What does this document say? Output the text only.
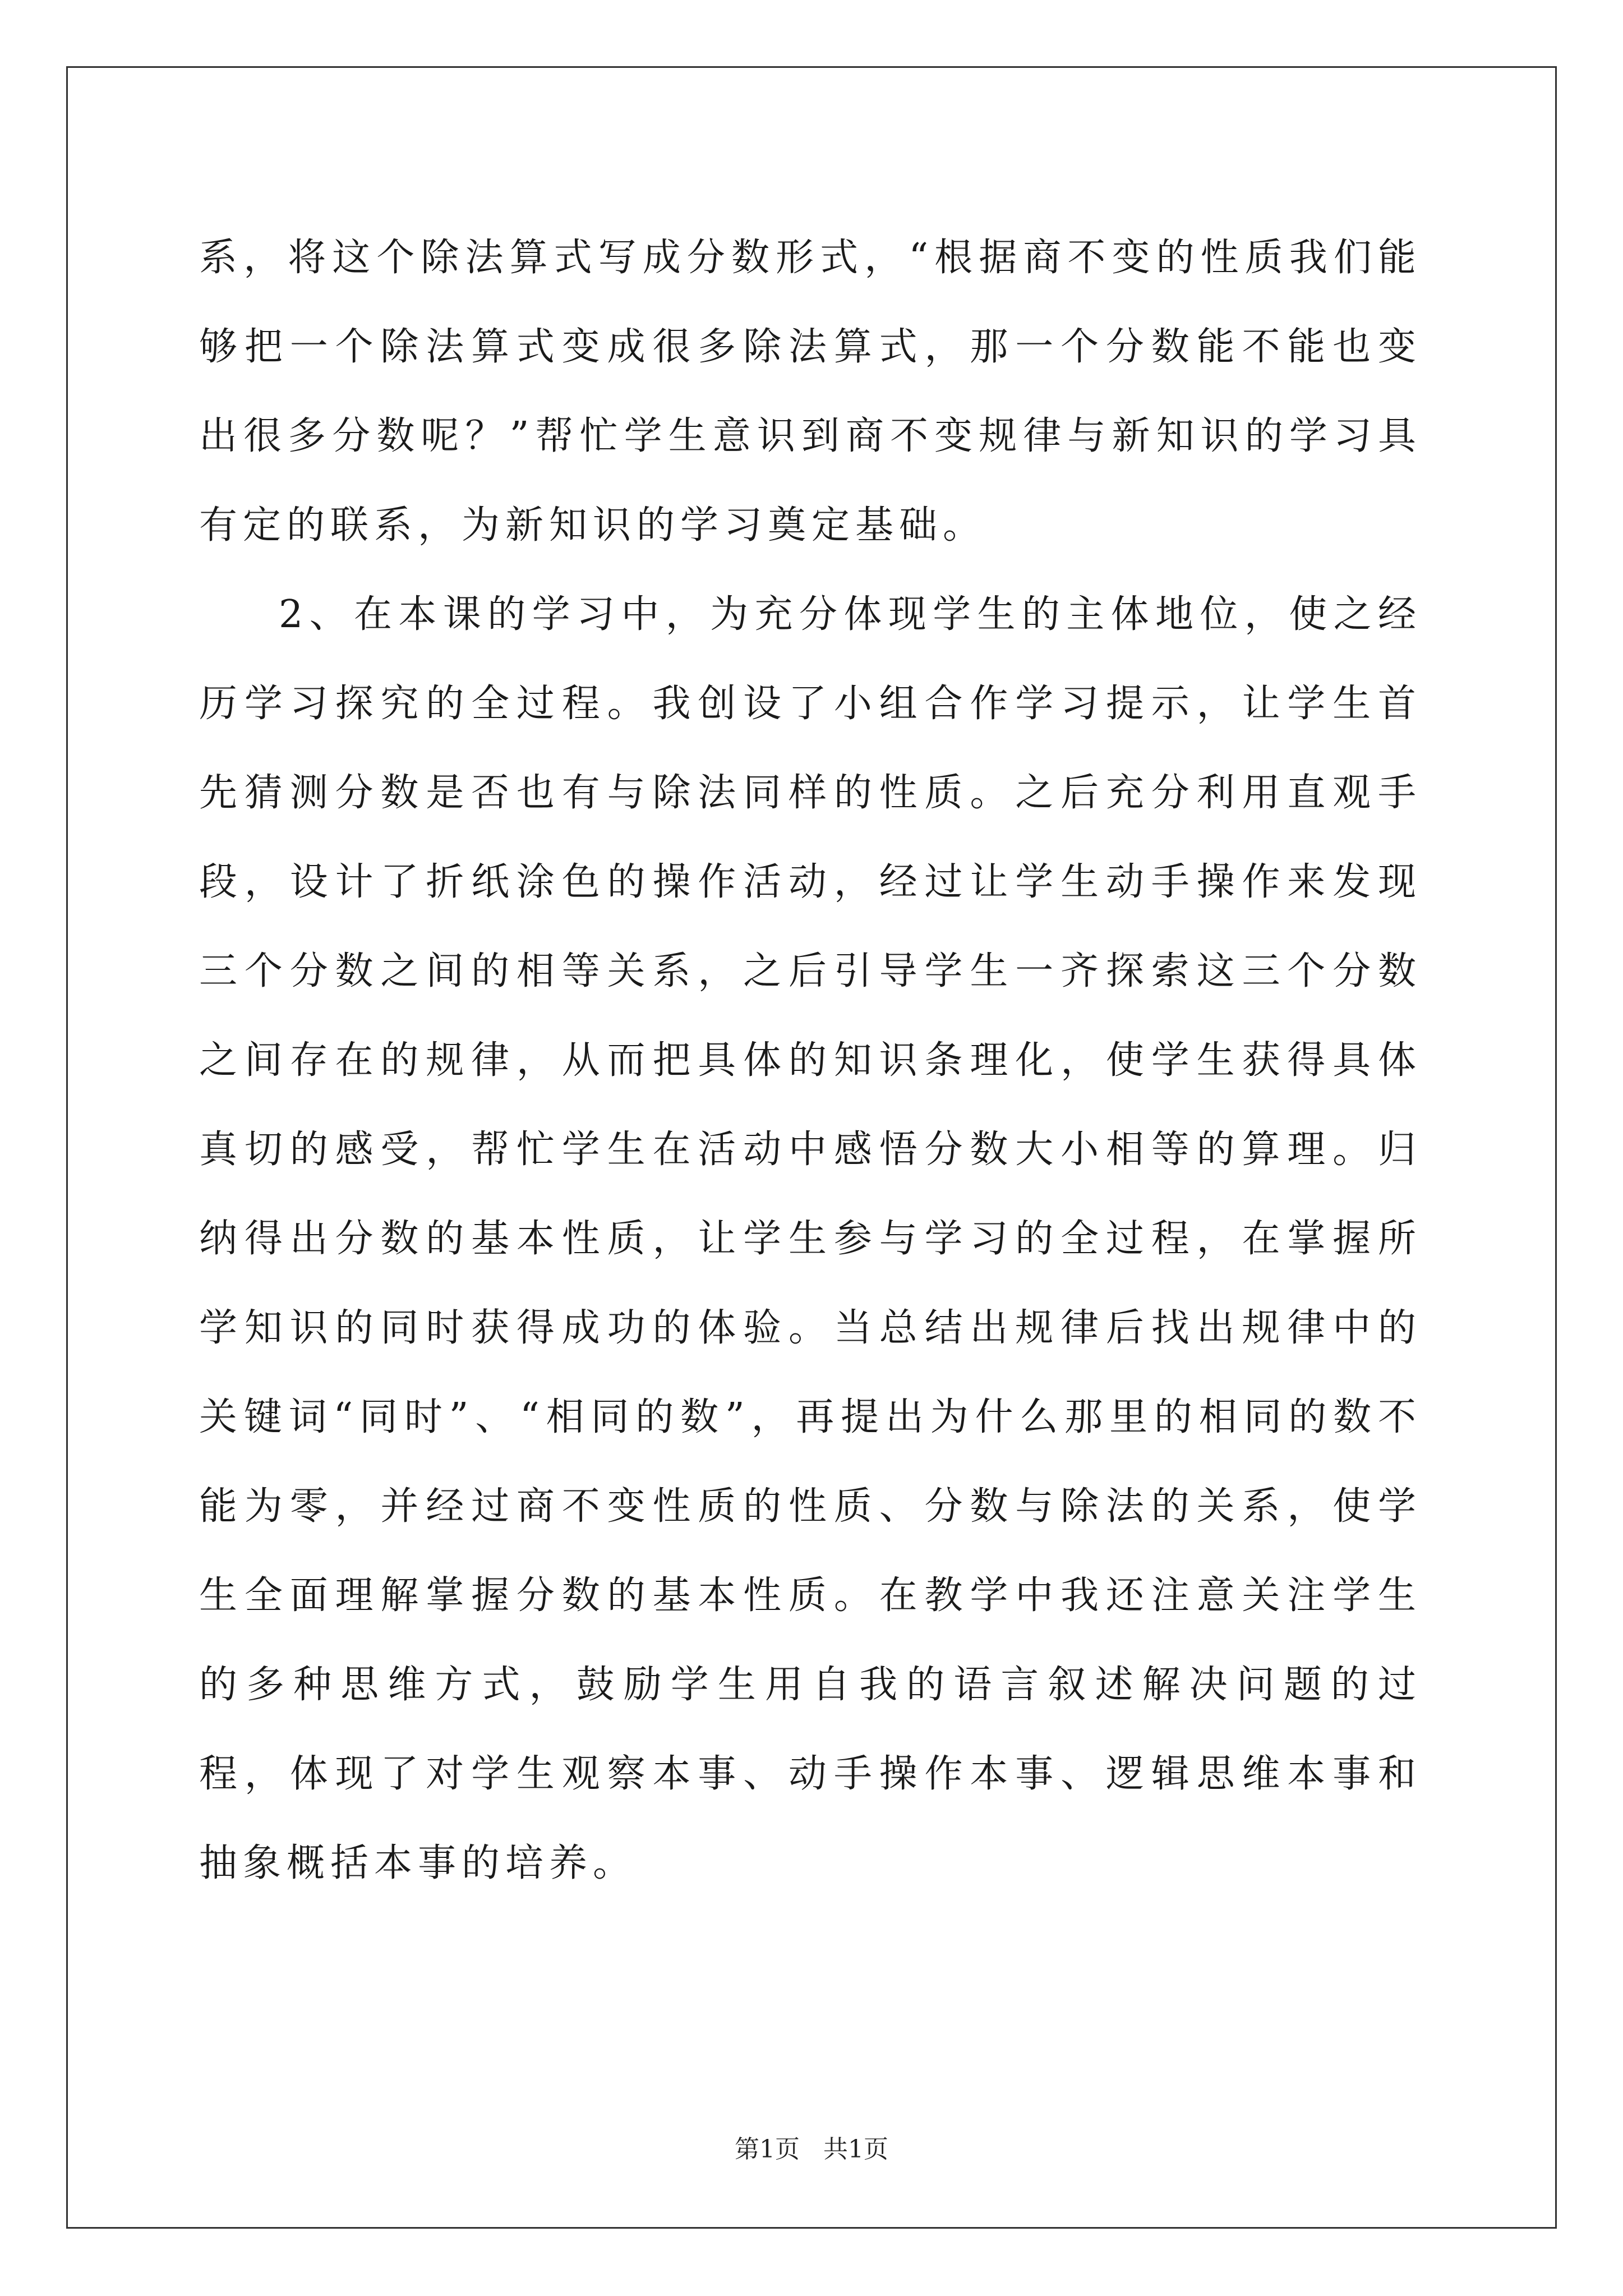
系，将这个除法算式写成分数形式，“根据商不变的性质我们能够把一个除法算式变成很多除法算式，那一个分数能不能也变出很多分数呢？”帮忙学生意识到商不变规律与新知识的学习具有定的联系，为新知识的学习奠定基础。

2、在本课的学习中，为充分体现学生的主体地位，使之经历学习探究的全过程。我创设了小组合作学习提示，让学生首先猜测分数是否也有与除法同样的性质。之后充分利用直观手段，设计了折纸涂色的操作活动，经过让学生动手操作来发现三个分数之间的相等关系，之后引导学生一齐探索这三个分数之间存在的规律，从而把具体的知识条理化，使学生获得具体真切的感受，帮忙学生在活动中感悟分数大小相等的算理。归纳得出分数的基本性质，让学生参与学习的全过程，在掌握所学知识的同时获得成功的体验。当总结出规律后找出规律中的关键词“同时”、“相同的数”，再提出为什么那里的相同的数不能为零，并经过商不变性质的性质、分数与除法的关系，使学生全面理解掌握分数的基本性质。在教学中我还注意关注学生的多种思维方式，鼓励学生用自我的语言叙述解决问题的过程，体现了对学生观察本事、动手操作本事、逻辑思维本事和抽象概括本事的培养。

第1页 共1页
